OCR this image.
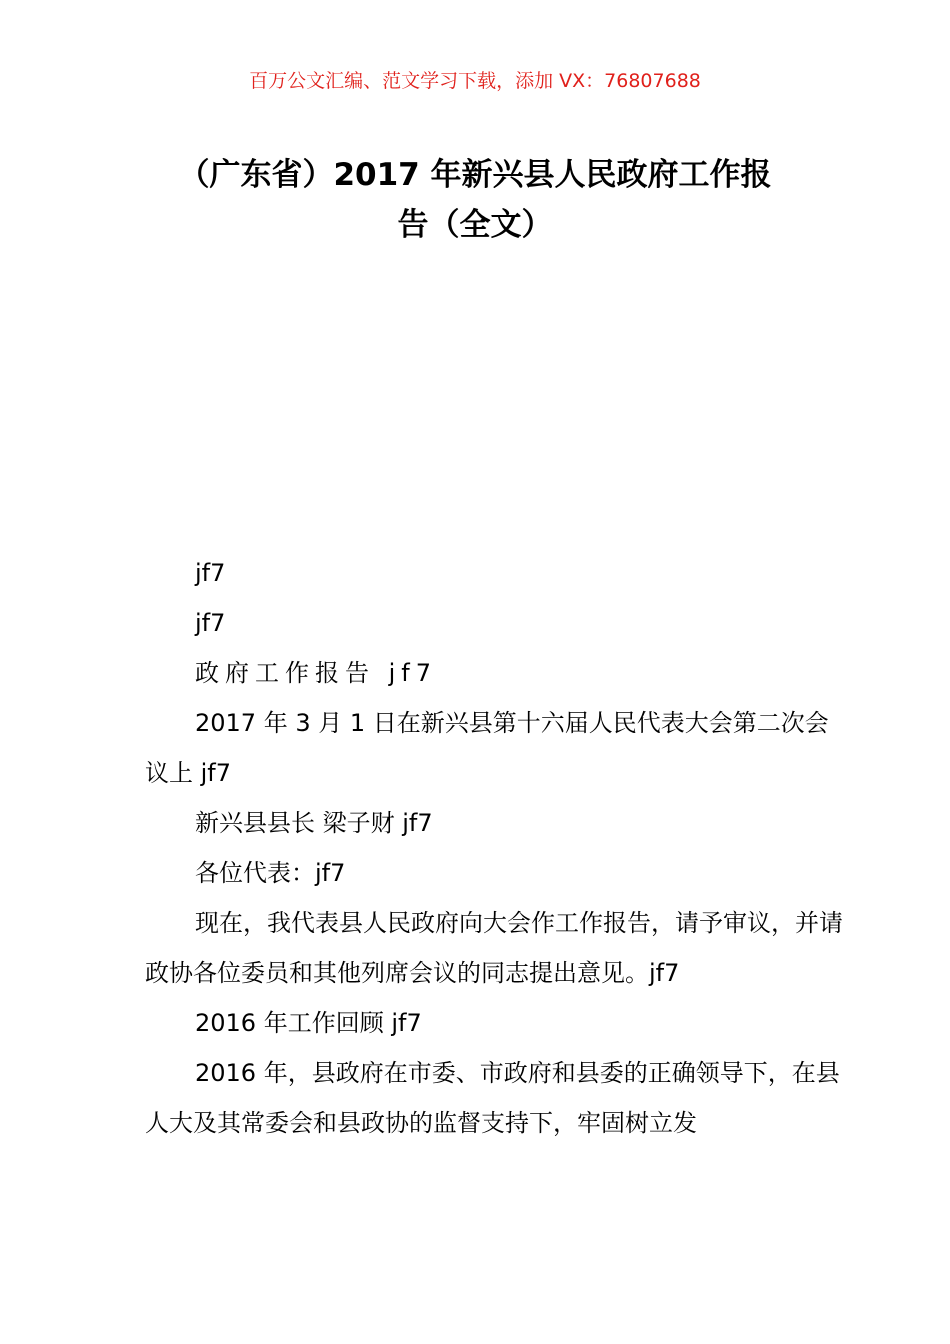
百万公文汇编、范文学习下载，添加 VX：76807688
（广东省）2017 年新兴县人民政府工作报
告（全文）

jf7

jf7

政府工作报告 jf7

2017 年 3 月 1 日在新兴县第十六届人民代表大会第二次会议上 jf7

新兴县县长 梁子财 jf7

各位代表：jf7

现在，我代表县人民政府向大会作工作报告，请予审议，并请政协各位委员和其他列席会议的同志提出意见。jf7

2016 年工作回顾 jf7

2016 年，县政府在市委、市政府和县委的正确领导下，在县人大及其常委会和县政协的监督支持下，牢固树立发
